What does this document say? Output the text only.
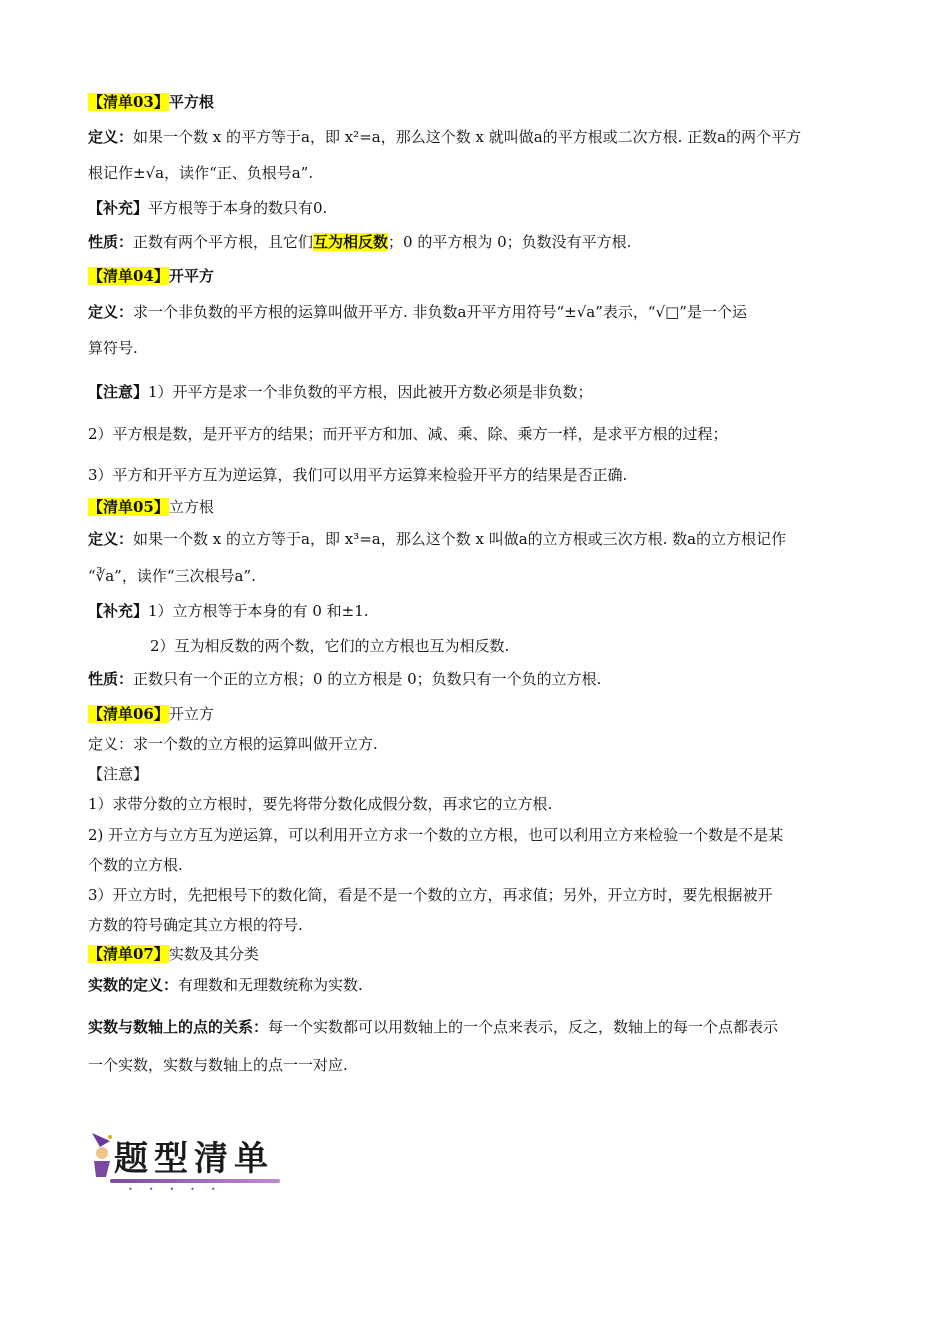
【清单03】平方根
定义：如果一个数 x 的平方等于a，即 x²=a，那么这个数 x 就叫做a的平方根或二次方根. 正数a的两个平方
根记作±√a，读作“正、负根号a”.
【补充】平方根等于本身的数只有0.
性质：正数有两个平方根，且它们互为相反数；0 的平方根为 0；负数没有平方根.
【清单04】开平方
定义：求一个非负数的平方根的运算叫做开平方. 非负数a开平方用符号“±√a”表示，“√□”是一个运
算符号.
【注意】1）开平方是求一个非负数的平方根，因此被开方数必须是非负数；
2）平方根是数，是开平方的结果；而开平方和加、减、乘、除、乘方一样，是求平方根的过程；
3）平方和开平方互为逆运算，我们可以用平方运算来检验开平方的结果是否正确.
【清单05】立方根
定义：如果一个数 x 的立方等于a，即 x³=a，那么这个数 x 叫做a的立方根或三次方根. 数a的立方根记作
“∛a”，读作“三次根号a”.
【补充】1）立方根等于本身的有 0 和±1.
2）互为相反数的两个数，它们的立方根也互为相反数.
性质：正数只有一个正的立方根；0 的立方根是 0；负数只有一个负的立方根.
【清单06】开立方
定义：求一个数的立方根的运算叫做开立方.
【注意】
1）求带分数的立方根时，要先将带分数化成假分数，再求它的立方根.
2) 开立方与立方互为逆运算，可以利用开立方求一个数的立方根，也可以利用立方来检验一个数是不是某
个数的立方根.
3）开立方时，先把根号下的数化简，看是不是一个数的立方，再求值；另外，开立方时，要先根据被开
方数的符号确定其立方根的符号.
【清单07】实数及其分类
实数的定义：有理数和无理数统称为实数.
实数与数轴上的点的关系：每一个实数都可以用数轴上的一个点来表示，反之，数轴上的每一个点都表示
一个实数，实数与数轴上的点一一对应.
题型清单
•••••
